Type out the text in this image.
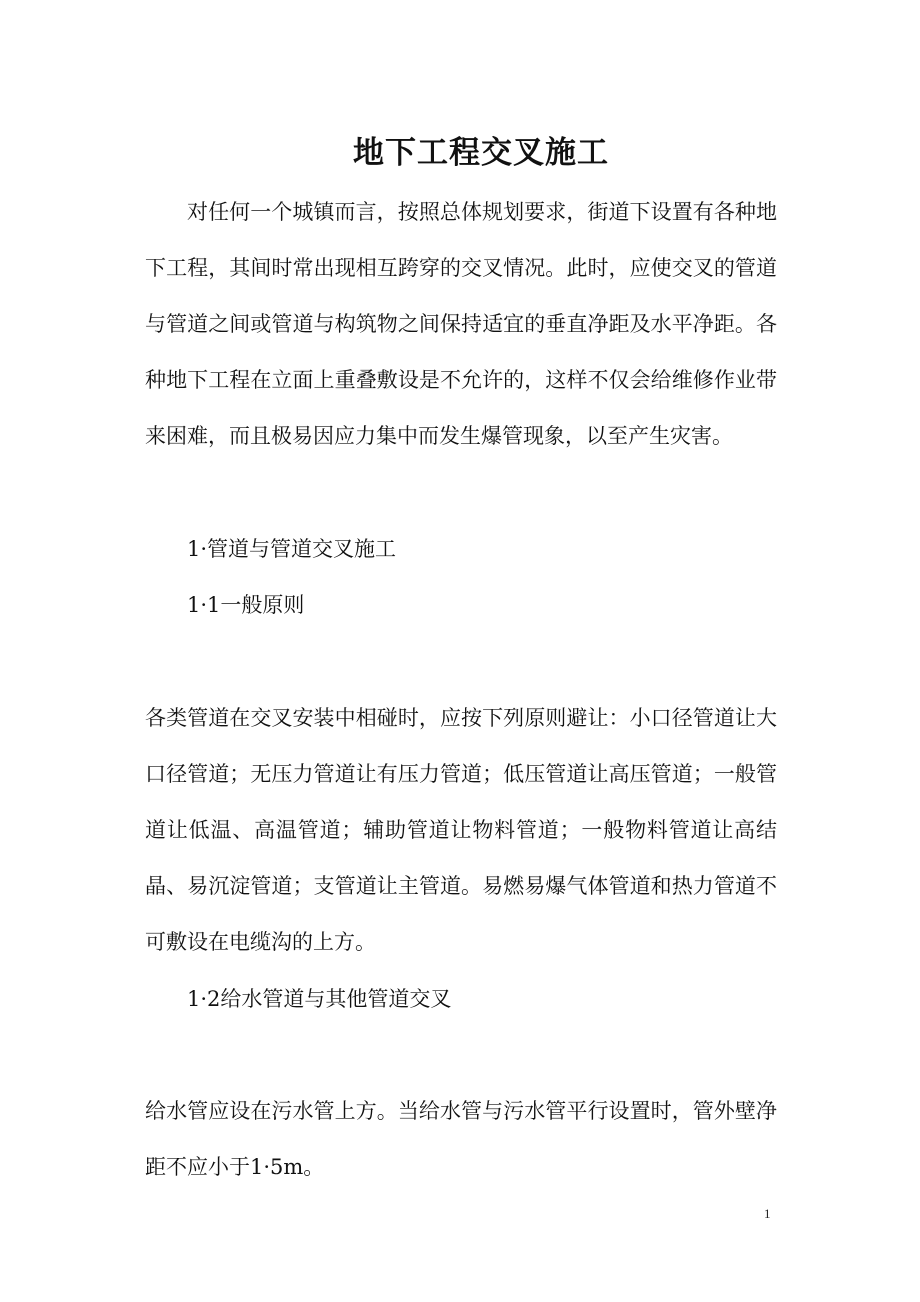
地下工程交叉施工

对任何一个城镇而言，按照总体规划要求，街道下设置有各种地下工程，其间时常出现相互跨穿的交叉情况。此时，应使交叉的管道与管道之间或管道与构筑物之间保持适宜的垂直净距及水平净距。各种地下工程在立面上重叠敷设是不允许的，这样不仅会给维修作业带来困难，而且极易因应力集中而发生爆管现象，以至产生灾害。

1·管道与管道交叉施工

1·1一般原则

各类管道在交叉安装中相碰时，应按下列原则避让：小口径管道让大口径管道；无压力管道让有压力管道；低压管道让高压管道；一般管道让低温、高温管道；辅助管道让物料管道；一般物料管道让高结晶、易沉淀管道；支管道让主管道。易燃易爆气体管道和热力管道不可敷设在电缆沟的上方。

1·2给水管道与其他管道交叉

给水管应设在污水管上方。当给水管与污水管平行设置时，管外壁净距不应小于1·5m。

1
